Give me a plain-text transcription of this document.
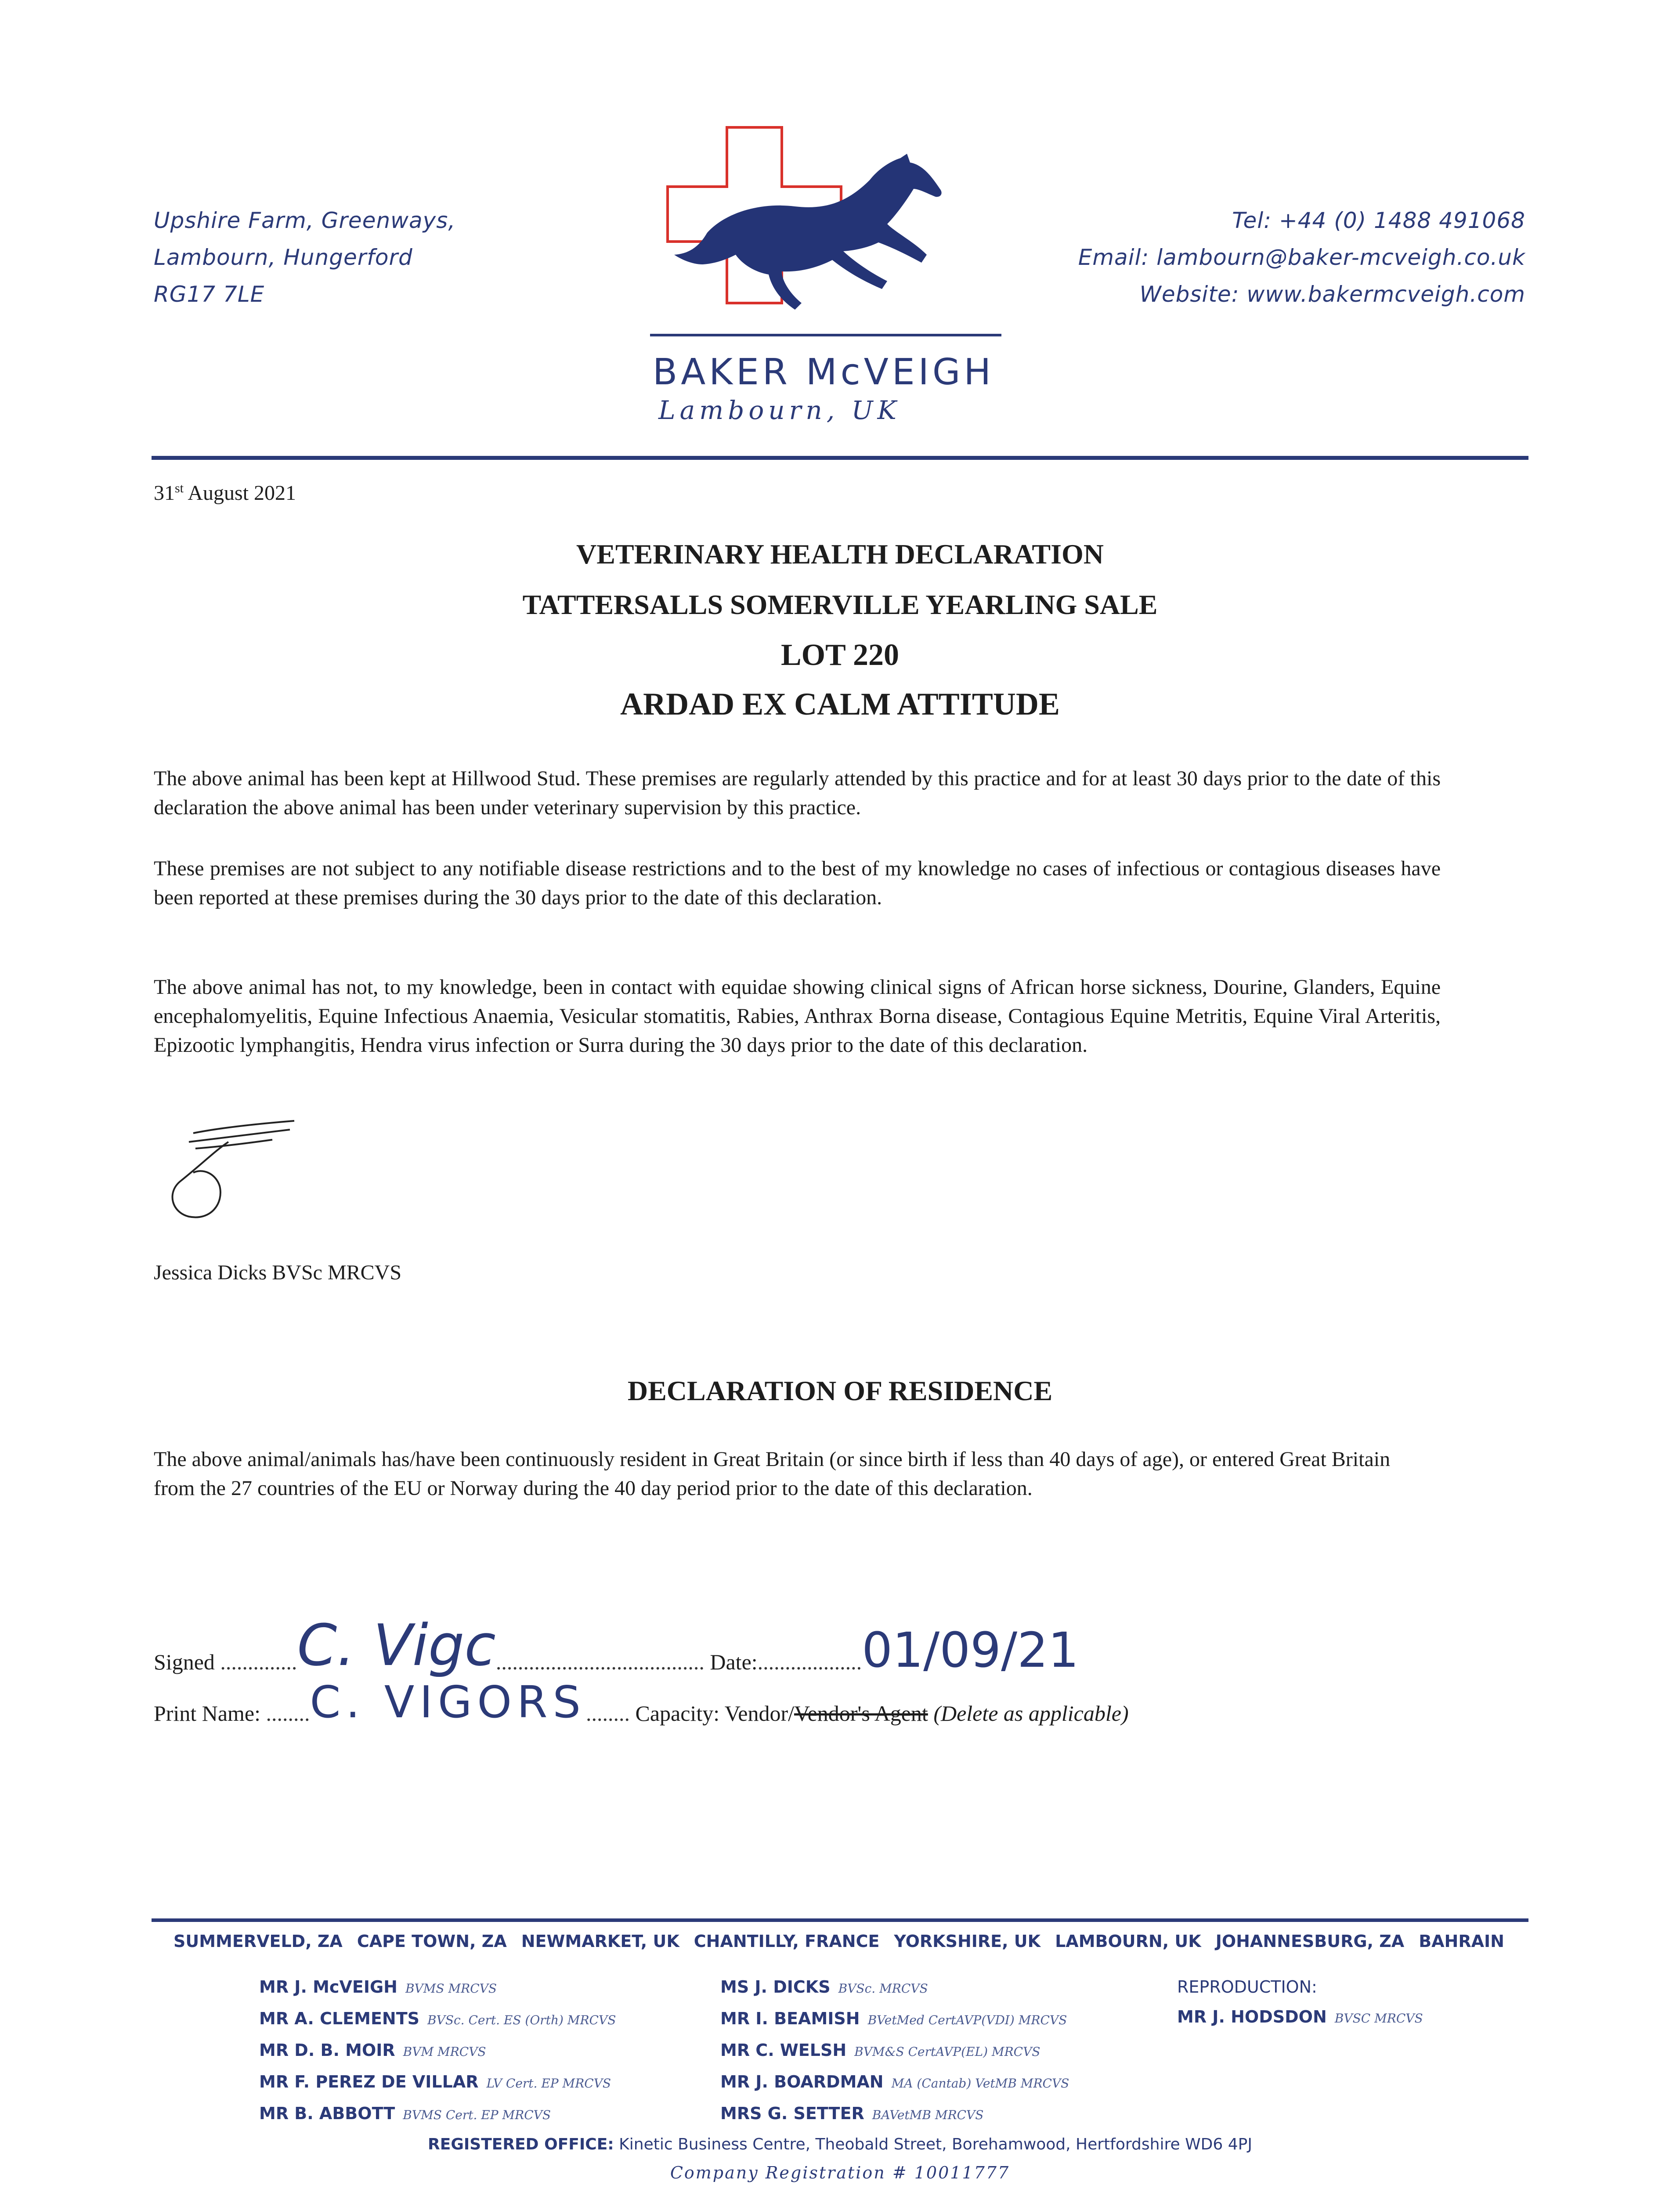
Upshire Farm, Greenways,
Lambourn, Hungerford
RG17 7LE
BAKER McVEIGH
Lambourn, UK
Tel: +44 (0) 1488 491068
Email: lambourn@baker-mcveigh.co.uk
Website: www.bakermcveigh.com
31st August 2021
VETERINARY HEALTH DECLARATION
TATTERSALLS SOMERVILLE YEARLING SALE
LOT 220
ARDAD EX CALM ATTITUDE
The above animal has been kept at Hillwood Stud. These premises are regularly attended by this practice and for at least 30 days prior to the date of this declaration the above animal has been under veterinary supervision by this practice.
These premises are not subject to any notifiable disease restrictions and to the best of my knowledge no cases of infectious or contagious diseases have been reported at these premises during the 30 days prior to the date of this declaration.
The above animal has not, to my knowledge, been in contact with equidae showing clinical signs of African horse sickness, Dourine, Glanders, Equine encephalomyelitis, Equine Infectious Anaemia, Vesicular stomatitis, Rabies, Anthrax Borna disease, Contagious Equine Metritis, Equine Viral Arteritis, Epizootic lymphangitis, Hendra virus infection or Surra during the 30 days prior to the date of this declaration.
Jessica Dicks BVSc MRCVS
DECLARATION OF RESIDENCE
The above animal/animals has/have been continuously resident in Great Britain (or since birth if less than 40 days of age), or entered Great Britain from the 27 countries of the EU or Norway during the 40 day period prior to the date of this declaration.
Signed ..............C. Vigc...................................... Date:...................01/09/21
Print Name: ........C. VIGORS........ Capacity: Vendor/Vendor's Agent (Delete as applicable)
SUMMERVELD, ZA CAPE TOWN, ZA NEWMARKET, UK CHANTILLY, FRANCE YORKSHIRE, UK LAMBOURN, UK JOHANNESBURG, ZA BAHRAIN
MR J. McVEIGH BVMS MRCVS
MR A. CLEMENTS BVSc. Cert. ES (Orth) MRCVS
MR D. B. MOIR BVM MRCVS
MR F. PEREZ DE VILLAR LV Cert. EP MRCVS
MR B. ABBOTT BVMS Cert. EP MRCVS
MS J. DICKS BVSc. MRCVS
MR I. BEAMISH BVetMed CertAVP(VDI) MRCVS
MR C. WELSH BVM&S CertAVP(EL) MRCVS
MR J. BOARDMAN MA (Cantab) VetMB MRCVS
MRS G. SETTER BAVetMB MRCVS
REPRODUCTION:
MR J. HODSDON BVSC MRCVS
REGISTERED OFFICE: Kinetic Business Centre, Theobald Street, Borehamwood, Hertfordshire WD6 4PJ
Company Registration # 10011777
